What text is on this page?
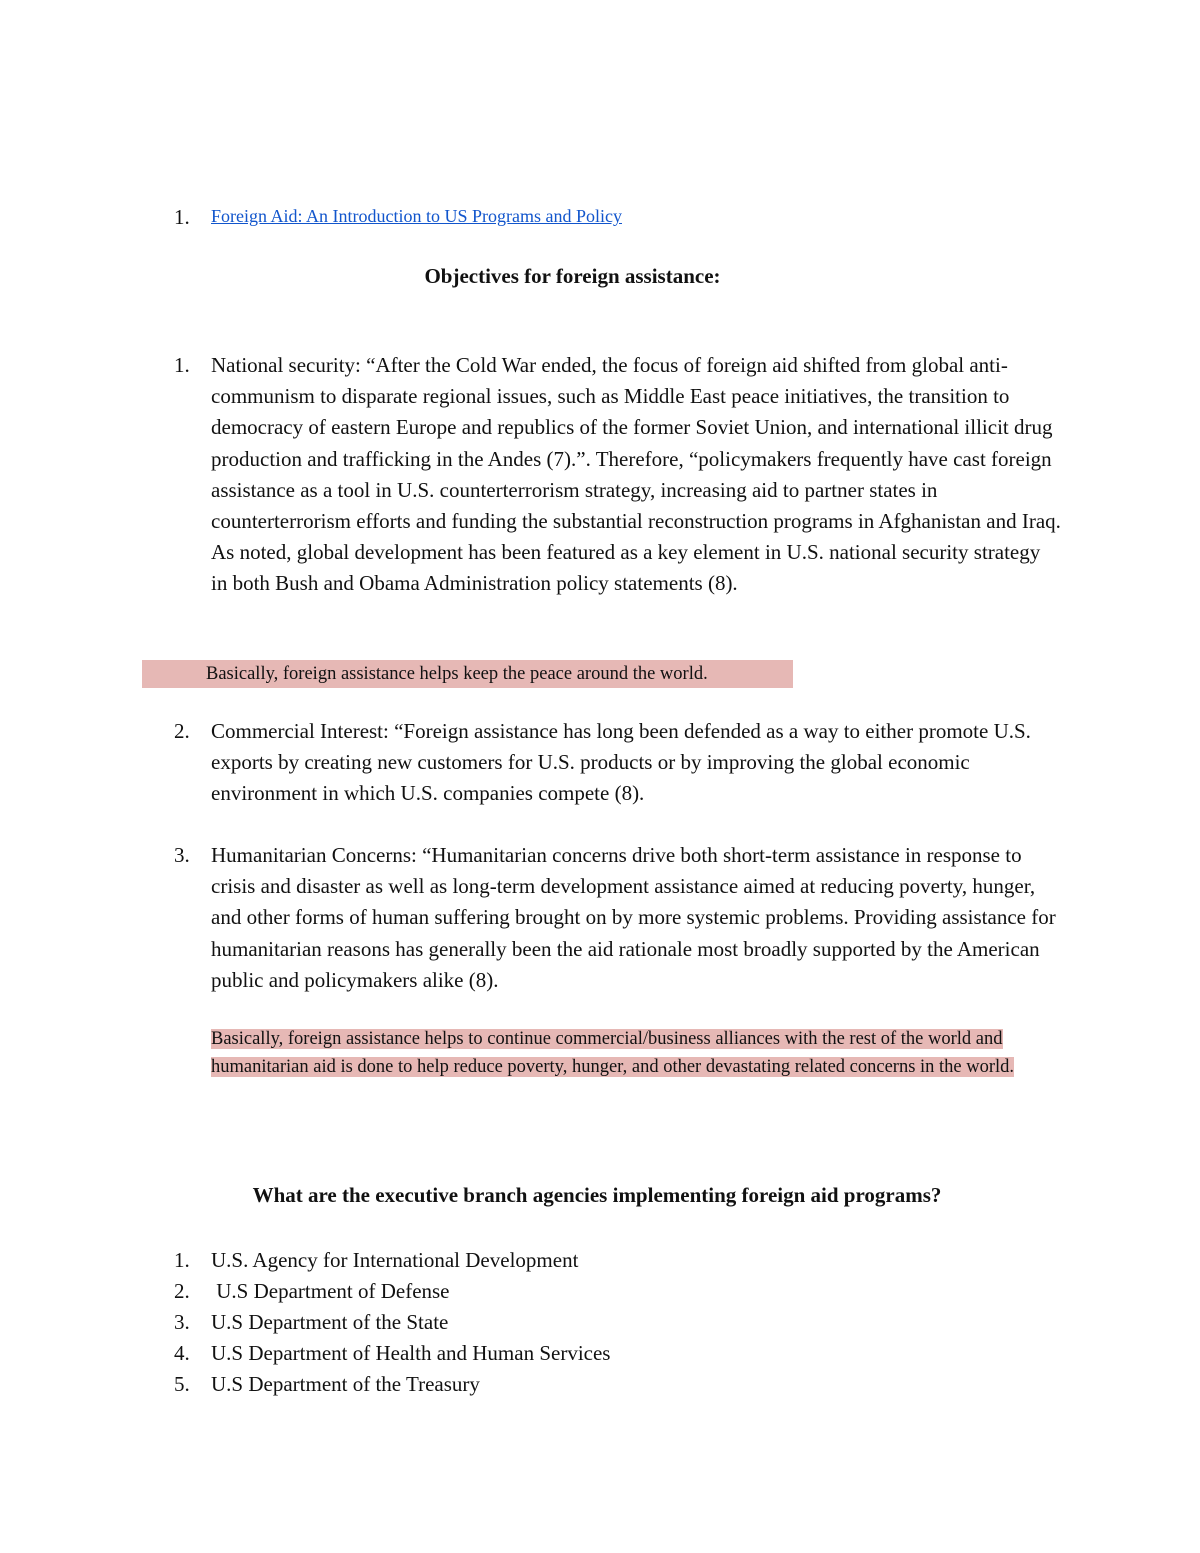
1. Foreign Aid: An Introduction to US Programs and Policy
Objectives for foreign assistance:
1. National security: “After the Cold War ended, the focus of foreign aid shifted from global anti-communism to disparate regional issues, such as Middle East peace initiatives, the transition to democracy of eastern Europe and republics of the former Soviet Union, and international illicit drug production and trafficking in the Andes (7).”. Therefore, “policymakers frequently have cast foreign assistance as a tool in U.S. counterterrorism strategy, increasing aid to partner states in counterterrorism efforts and funding the substantial reconstruction programs in Afghanistan and Iraq. As noted, global development has been featured as a key element in U.S. national security strategy in both Bush and Obama Administration policy statements (8).

Basically, foreign assistance helps keep the peace around the world.
2. Commercial Interest: “Foreign assistance has long been defended as a way to either promote U.S. exports by creating new customers for U.S. products or by improving the global economic environment in which U.S. companies compete (8).

3. Humanitarian Concerns: “Humanitarian concerns drive both short-term assistance in response to crisis and disaster as well as long-term development assistance aimed at reducing poverty, hunger, and other forms of human suffering brought on by more systemic problems. Providing assistance for humanitarian reasons has generally been the aid rationale most broadly supported by the American public and policymakers alike (8).

Basically, foreign assistance helps to continue commercial/business alliances with the rest of the world and humanitarian aid is done to help reduce poverty, hunger, and other devastating related concerns in the world.
What are the executive branch agencies implementing foreign aid programs?
1. U.S. Agency for International Development
2. U.S Department of Defense
3. U.S Department of the State
4. U.S Department of Health and Human Services
5. U.S Department of the Treasury
